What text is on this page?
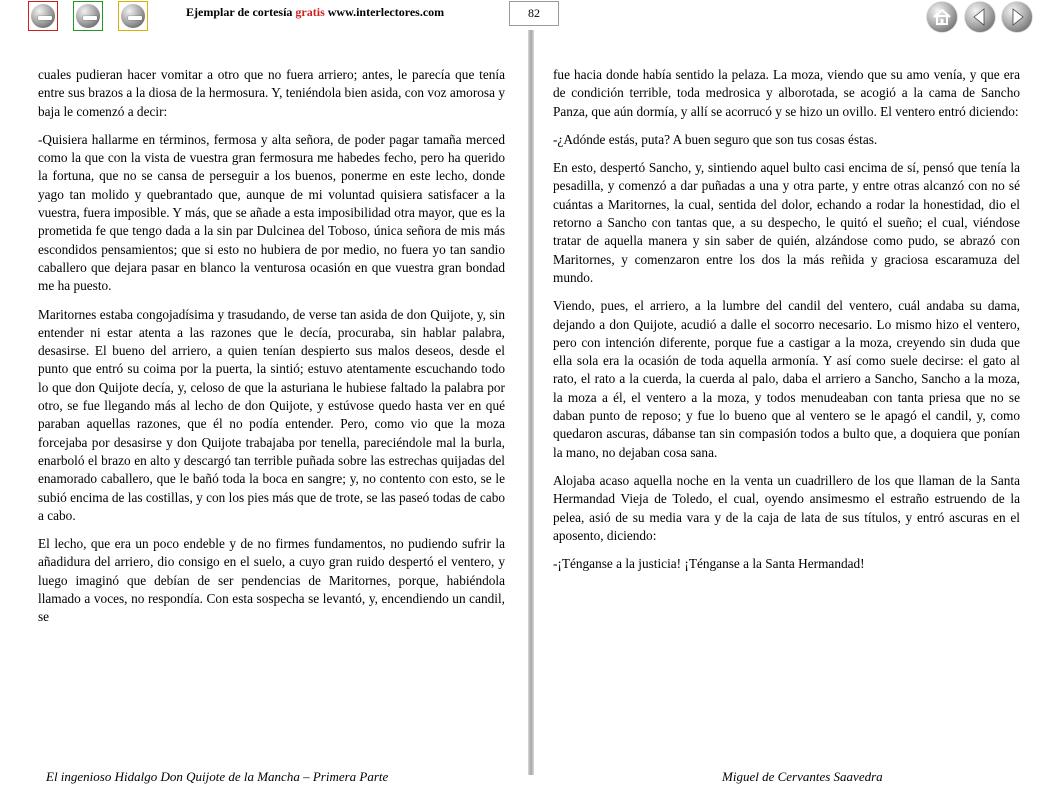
Ejemplar de cortesía gratis www.interlectores.com	82

cuales pudieran hacer vomitar a otro que no fuera arriero; antes, le parecía que tenía entre sus brazos a la diosa de la hermosura. Y, teniéndola bien asida, con voz amorosa y baja le comenzó a decir:

-Quisiera hallarme en términos, fermosa y alta señora, de poder pagar tamaña merced como la que con la vista de vuestra gran fermosura me habedes fecho, pero ha querido la fortuna, que no se cansa de perseguir a los buenos, ponerme en este lecho, donde yago tan molido y quebrantado que, aunque de mi voluntad quisiera satisfacer a la vuestra, fuera imposible. Y más, que se añade a esta imposibilidad otra mayor, que es la prometida fe que tengo dada a la sin par Dulcinea del Toboso, única señora de mis más escondidos pensamientos; que si esto no hubiera de por medio, no fuera yo tan sandio caballero que dejara pasar en blanco la venturosa ocasión en que vuestra gran bondad me ha puesto.

Maritornes estaba congojadísima y trasudando, de verse tan asida de don Quijote, y, sin entender ni estar atenta a las razones que le decía, procuraba, sin hablar palabra, desasirse. El bueno del arriero, a quien tenían despierto sus malos deseos, desde el punto que entró su coima por la puerta, la sintió; estuvo atentamente escuchando todo lo que don Quijote decía, y, celoso de que la asturiana le hubiese faltado la palabra por otro, se fue llegando más al lecho de don Quijote, y estúvose quedo hasta ver en qué paraban aquellas razones, que él no podía entender. Pero, como vio que la moza forcejaba por desasirse y don Quijote trabajaba por tenella, pareciéndole mal la burla, enarboló el brazo en alto y descargó tan terrible puñada sobre las estrechas quijadas del enamorado caballero, que le bañó toda la boca en sangre; y, no contento con esto, se le subió encima de las costillas, y con los pies más que de trote, se las paseó todas de cabo a cabo.

El lecho, que era un poco endeble y de no firmes fundamentos, no pudiendo sufrir la añadidura del arriero, dio consigo en el suelo, a cuyo gran ruido despertó el ventero, y luego imaginó que debían de ser pendencias de Maritornes, porque, habiéndola llamado a voces, no respondía. Con esta sospecha se levantó, y, encendiendo un candil, se

fue hacia donde había sentido la pelaza. La moza, viendo que su amo venía, y que era de condición terrible, toda medrosica y alborotada, se acogió a la cama de Sancho Panza, que aún dormía, y allí se acorrucó y se hizo un ovillo. El ventero entró diciendo:

-¿Adónde estás, puta? A buen seguro que son tus cosas éstas.

En esto, despertó Sancho, y, sintiendo aquel bulto casi encima de sí, pensó que tenía la pesadilla, y comenzó a dar puñadas a una y otra parte, y entre otras alcanzó con no sé cuántas a Maritornes, la cual, sentida del dolor, echando a rodar la honestidad, dio el retorno a Sancho con tantas que, a su despecho, le quitó el sueño; el cual, viéndose tratar de aquella manera y sin saber de quién, alzándose como pudo, se abrazó con Maritornes, y comenzaron entre los dos la más reñida y graciosa escaramuza del mundo.

Viendo, pues, el arriero, a la lumbre del candil del ventero, cuál andaba su dama, dejando a don Quijote, acudió a dalle el socorro necesario. Lo mismo hizo el ventero, pero con intención diferente, porque fue a castigar a la moza, creyendo sin duda que ella sola era la ocasión de toda aquella armonía. Y así como suele decirse: el gato al rato, el rato a la cuerda, la cuerda al palo, daba el arriero a Sancho, Sancho a la moza, la moza a él, el ventero a la moza, y todos menudeaban con tanta priesa que no se daban punto de reposo; y fue lo bueno que al ventero se le apagó el candil, y, como quedaron ascuras, dábanse tan sin compasión todos a bulto que, a doquiera que ponían la mano, no dejaban cosa sana.

Alojaba acaso aquella noche en la venta un cuadrillero de los que llaman de la Santa Hermandad Vieja de Toledo, el cual, oyendo ansimesmo el estraño estruendo de la pelea, asió de su media vara y de la caja de lata de sus títulos, y entró ascuras en el aposento, diciendo:

-¡Ténganse a la justicia! ¡Ténganse a la Santa Hermandad!

El ingenioso Hidalgo Don Quijote de la Mancha – Primera Parte	Miguel de Cervantes Saavedra
